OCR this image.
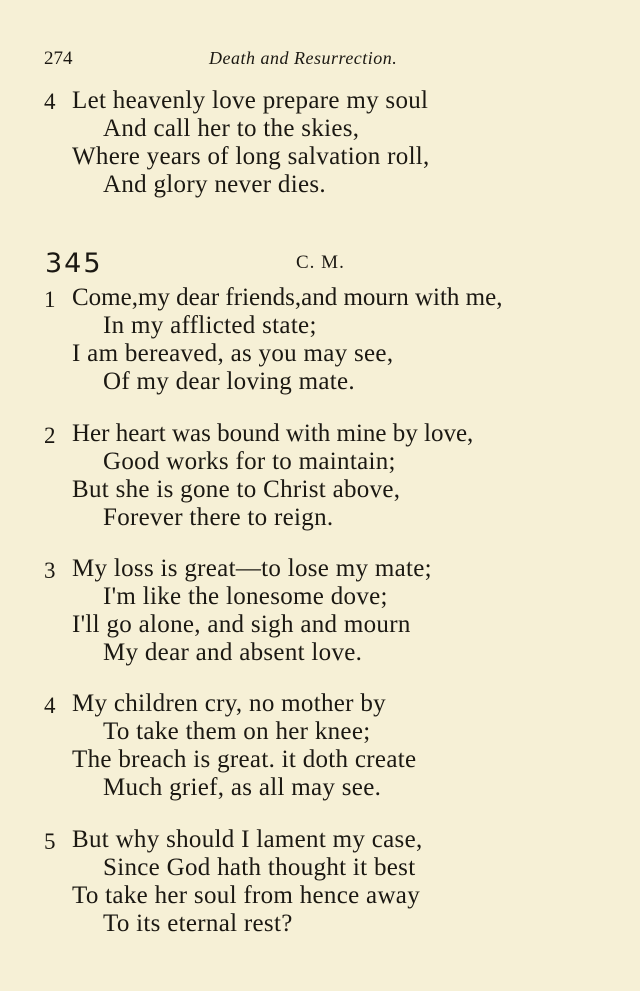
274	Death and Resurrection.
4 Let heavenly love prepare my soul
And call her to the skies,
Where years of long salvation roll,
And glory never dies.
345	C. M.
1 Come,my dear friends,and mourn with me,
In my afflicted state;
I am bereaved, as you may see,
Of my dear loving mate.
2 Her heart was bound with mine by love,
Good works for to maintain;
But she is gone to Christ above,
Forever there to reign.
3 My loss is great—to lose my mate;
I'm like the lonesome dove;
I'll go alone, and sigh and mourn
My dear and absent love.
4 My children cry, no mother by
To take them on her knee;
The breach is great. it doth create
Much grief, as all may see.
5 But why should I lament my case,
Since God hath thought it best
To take her soul from hence away
To its eternal rest?
